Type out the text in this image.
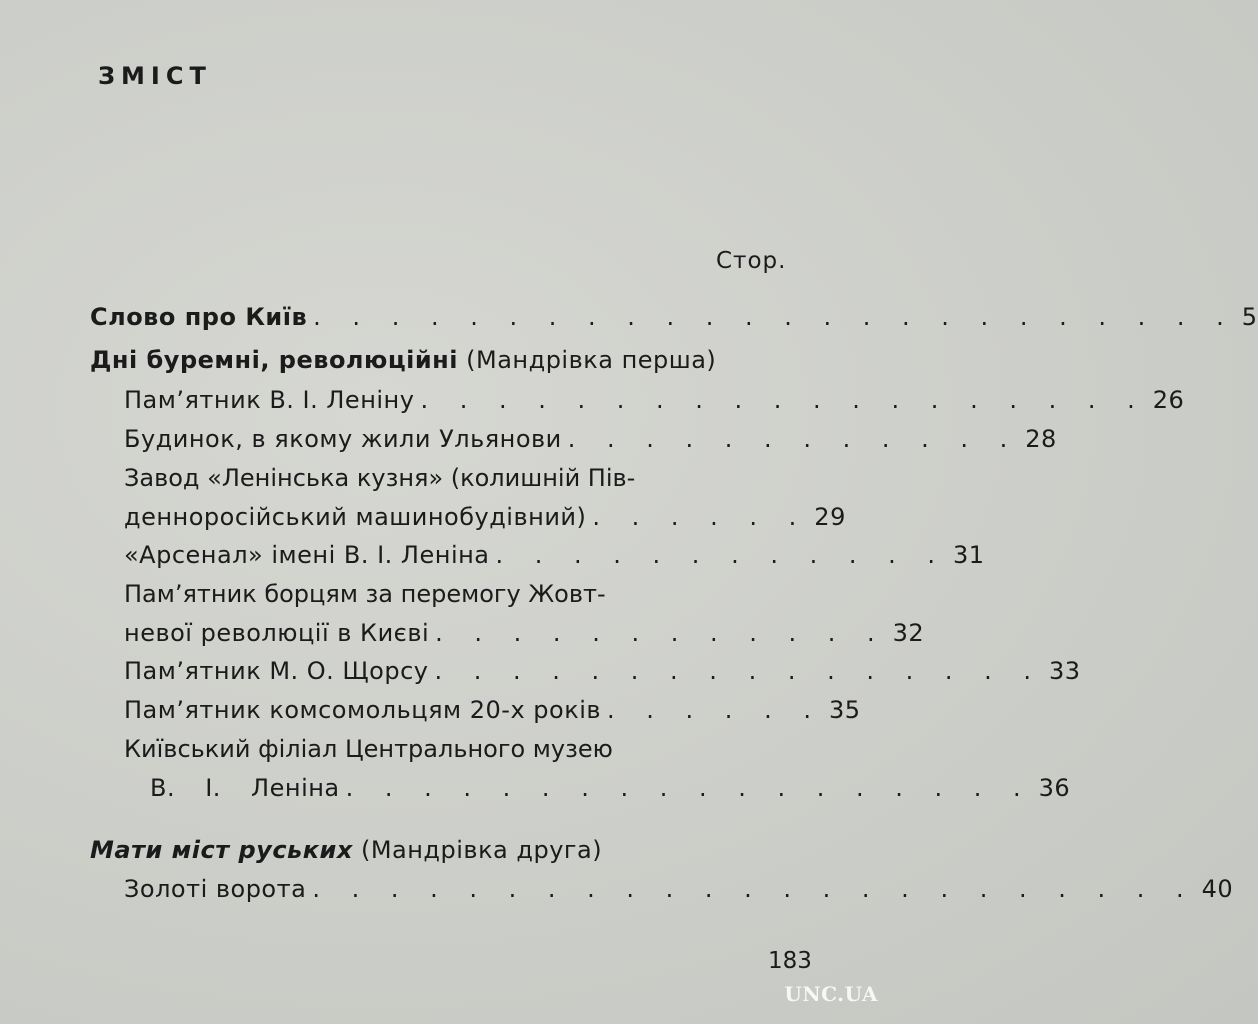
ЗМІСТ
Стор.
Слово про Київ . . . . . . . . . . . . . . . . . . . . . . . . 5
Дні буремні, революційні (Мандрівка перша)
Пам’ятник В. І. Леніну . . . . . . . . . . . . . . . . . . . 26
Будинок, в якому жили Ульянови . . . . . . . . . . . . 28
Завод «Ленінська кузня» (колишній Пів-
деннoросійський машинобудівний) . . . . . . 29
«Арсенал» імені В. І. Леніна . . . . . . . . . . . . 31
Пам’ятник борцям за перемогу Жовт-
невої революції в Києві . . . . . . . . . . . . 32
Пам’ятник М. О. Щорсу . . . . . . . . . . . . . . . . 33
Пам’ятник комсомольцям 20-х років . . . . . . 35
Київський філіал Центрального музею
В. І. Леніна . . . . . . . . . . . . . . . . . . 36
Мати міст руських (Мандрівка друга)
Золоті ворота . . . . . . . . . . . . . . . . . . . . . . . 40
183
UNC.UA
